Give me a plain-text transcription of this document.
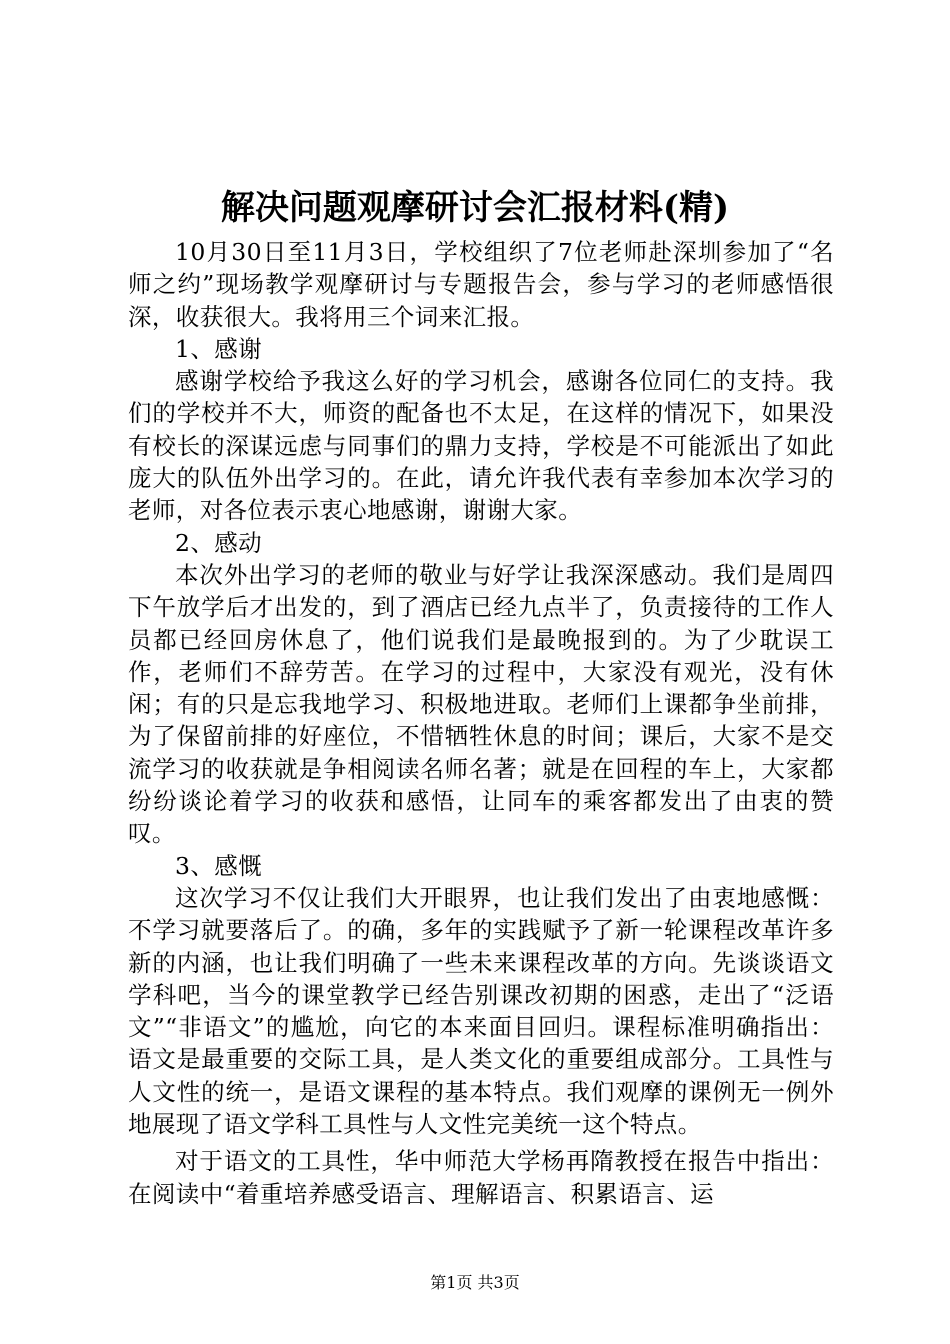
解决问题观摩研讨会汇报材料(精)

10月30日至11月3日，学校组织了7位老师赴深圳参加了“名师之约”现场教学观摩研讨与专题报告会，参与学习的老师感悟很深，收获很大。我将用三个词来汇报。

1、感谢

感谢学校给予我这么好的学习机会，感谢各位同仁的支持。我们的学校并不大，师资的配备也不太足，在这样的情况下，如果没有校长的深谋远虑与同事们的鼎力支持，学校是不可能派出了如此庞大的队伍外出学习的。在此，请允许我代表有幸参加本次学习的老师，对各位表示衷心地感谢，谢谢大家。

2、感动

本次外出学习的老师的敬业与好学让我深深感动。我们是周四下午放学后才出发的，到了酒店已经九点半了，负责接待的工作人员都已经回房休息了，他们说我们是最晚报到的。为了少耽误工作，老师们不辞劳苦。在学习的过程中，大家没有观光，没有休闲；有的只是忘我地学习、积极地进取。老师们上课都争坐前排，为了保留前排的好座位，不惜牺牲休息的时间；课后，大家不是交流学习的收获就是争相阅读名师名著；就是在回程的车上，大家都纷纷谈论着学习的收获和感悟，让同车的乘客都发出了由衷的赞叹。

3、感慨

这次学习不仅让我们大开眼界，也让我们发出了由衷地感慨：不学习就要落后了。的确，多年的实践赋予了新一轮课程改革许多新的内涵，也让我们明确了一些未来课程改革的方向。先谈谈语文学科吧，当今的课堂教学已经告别课改初期的困惑，走出了“泛语文”“非语文”的尴尬，向它的本来面目回归。课程标准明确指出：语文是最重要的交际工具，是人类文化的重要组成部分。工具性与人文性的统一，是语文课程的基本特点。我们观摩的课例无一例外地展现了语文学科工具性与人文性完美统一这个特点。

对于语文的工具性，华中师范大学杨再隋教授在报告中指出：在阅读中“着重培养感受语言、理解语言、积累语言、运

第1页 共3页
